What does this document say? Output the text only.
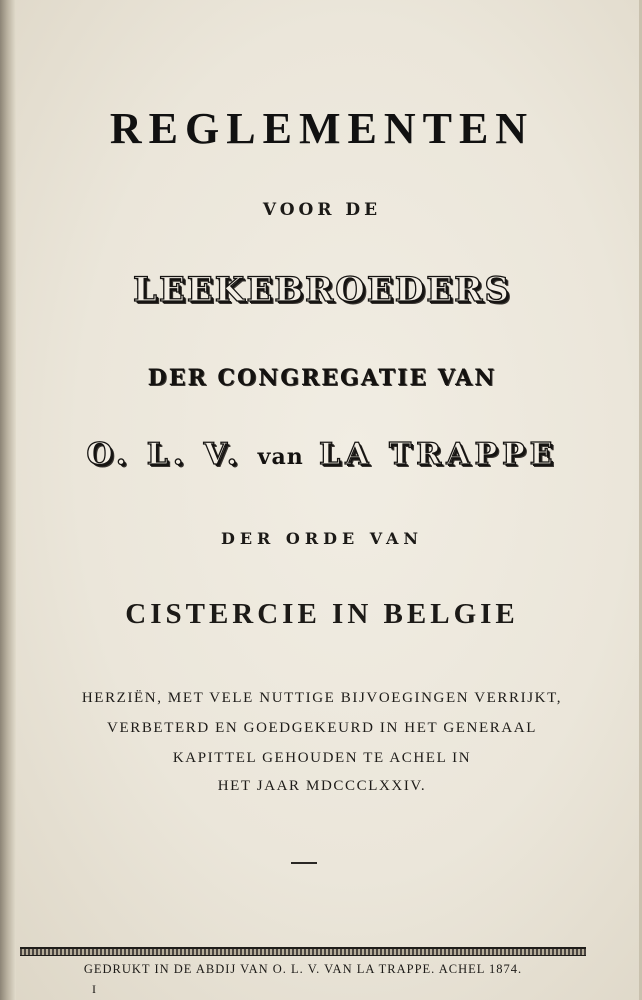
REGLEMENTEN
VOOR DE
LEEKEBROEDERS
DER CONGREGATIE VAN
O. L. V. van LA TRAPPE
DER ORDE VAN
CISTERCIE IN BELGIE
HERZIËN, MET VELE NUTTIGE BIJVOEGINGEN VERRIJKT,
VERBETERD EN GOEDGEKEURD IN HET GENERAAL
KAPITTEL GEHOUDEN TE ACHEL IN
HET JAAR MDCCCLXXIV.
GEDRUKT IN DE ABDIJ VAN O. L. V. VAN LA TRAPPE. ACHEL 1874.
I
